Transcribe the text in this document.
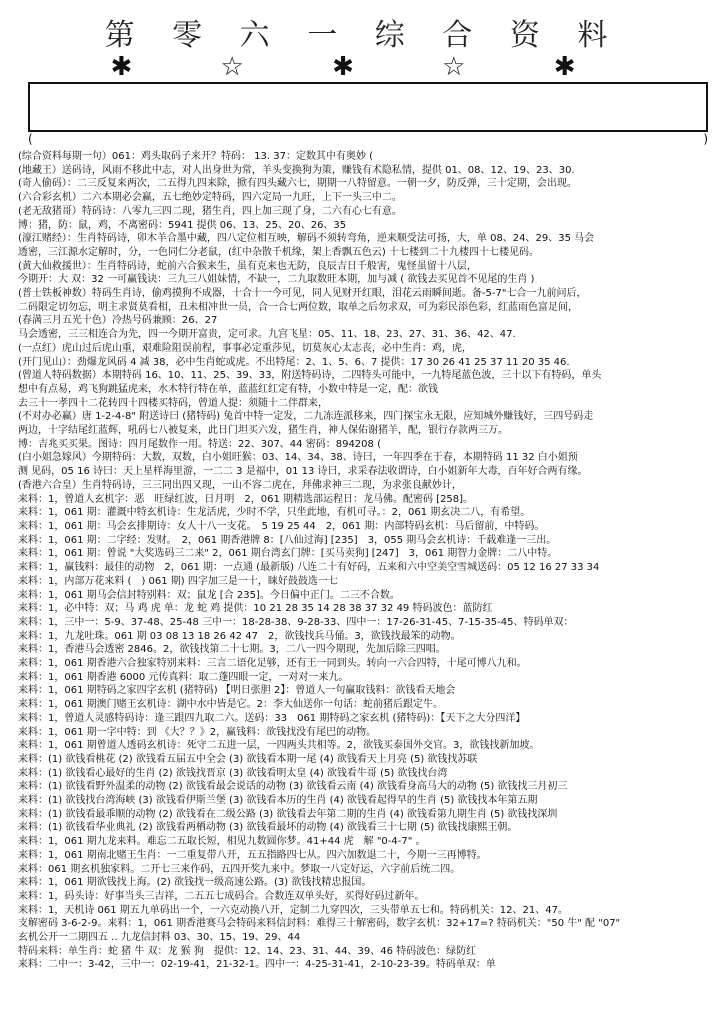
第 零 六 一 综 合 资 料
✱ ☆ ✱ ☆ ✱
(	)
(综合资料每期一句）061：鸡头取码子来开？特码： 13. 37：定数其中有奥妙 (
(地藏王）送码诗，风雨不移此中志，对人出身世为常，羊头变换狗为策，赚钱有术隐私情，提供 01、08、12、19、23、30.
(奇人偷码）：二三反复来两次，二五得九四来除，掀有四头藏六七，期期一八特留意。一朝一夕，防反弹，三十定期，会出现。
(六合彩玄机）二六本期必会赢，五七绝妙定特码，四六定局一九旺，上下一头三中二。
(老无敌猪哥）特码诗：八零九三四二现，猪生肖，四上加三现了身，二六有心七有意。
博：猪，防：鼠，鸡，不离密码：5941 提供 06、13、25、20、26、35
(濠江赌经）：生肖特码诗，卯木羊合墨中藏，四八定位相互映，解码不须转弯角，逆来顺受法可扬，大，单 08、24、29、35 马会
透密，三江源水定解时，分，一色同仁分老鼠，(红中杂散千机缘，架上香飘五色云) 十七楼到二十九楼四十七楼见码。
(黄大仙救援世）：生肖特码诗，蛇前六合猴来生，虽有克来也无防，良辰吉日千般害，鬼怪虽留十八层，
今期开：大 双：32 一可赢钱诀：三九三八姐妹情，不缺一，二九取数旺本期，加与减 ( 欲钱去买见首不见尾的生肖 )
(普士铁板神数）特码生肖诗，偷鸡摸狗不成器，十合十一今可见，同人见财开红眼，泪花云雨瞬间逝。备-5-7"七合一九前问后，
二码限定切勿忘，明主求贤莫看相，丑未相冲世一员，合一合七两位数，取单之后勿求双，可为彩民添色彩，红蓝雨色富足间，
(春满三月五光十色）冷热号码兼顾：26、27
马会透密，三三相连合为先，四一今期开富贵，定可求。九宫飞星：05、11、18、23、27、31、36、42、47.
(一点红）虎山过后虎山重，艰难险阻误前程，事事必定重莎见，切莫灰心太志丧，必中生肖：鸡，虎，
(开门见山）：劲爆龙风码 4 减 38，必中生肖蛇或虎。不出特尾：2、1、5、6、7 提供：17 30 26 41 25 37 11 20 35 46.
(曾道人特码数据）本期特码 16、10、11、25、39、33，附送特码诗，二四特头可能中，一九特尾蓝色波，三十以下有特码，单头
想中有点易，鸡飞狗跳猛虎来，水木特行特在单，蓝蓝红红定有特，小数中特是一定，配：欲钱
去三十一孝四十二花转四十四楼买特码，曾道人提：须随十二伴群来，
(不对办必赢）唐 1-2-4-8" 附送诗曰 (猪特码) 兔首中特一定发，二九冻连派移来，四门探宝永无限，应知城外赚钱好，三四号码走
两边，十字结尾红蓝辉，吼码七八被复来，此日门坦买六发，猪生肖，神人保佑谢猪羊，配，银行存款两三万。
博：吉兆买买果。图诗：四月尾数作一用。特送：22、307、44 密码：894208 (
(白小姐急嫁风）今期特码：大数，双数，白小姐旺猴：03、14、34、38、诗曰，一年四季在于春，本期特码 11 32 白小姐预
测 见码，05 16 诗曰：天上星样海里游，一二二 3 是福中，01 13 诗曰，求采春法收谓诗，白小姐新年大毒，百年好合两有缘。
(香港六合皇）生肖特码诗，三三同出四又现，一山不容二虎在，拜佛求神三二现，为求张良献妙计，
来料：1，曾道人玄机字：恶　旺绿红波，日月明　2，061 期精选部运程日：龙马佛。配密码 [258]。
来料：1，061 期：灌溉中特玄机诗：生龙活虎，少时不学，只坐此地，有机可寻。：2，061 期玄决二八，有希望。
来料：1，061 期：马会玄排期诗：女人十八一支花。　5 19 25 44　2，061 期：内部特码玄机：马后留前，中特码。
来料：1，061 期：二字经：发财。　2，061 期香港牌 8：[八仙过海] [235]　3，055 期马会玄机诗：千载难逢一三出。
来料：1，061 期：曾说 "大奖选码三二来" 2，061 期台湾玄门牌：[买马卖狗] [247]　3，061 期智力金牌：二八中特。
来料：1，赢钱料：最佳的动物　2，061 期：一点通 (最新版) 八连二十有好码，五来和六中空美空雪城送码：05 12 16 27 33 34
来料：1，内部万花来料 (　) 061 期) 四字加三是一十，睐好鼓鼓选一七
来料：1，061 期马会信封特别料：双；鼠龙 [合 235]。今日偏中正门。二三不合数。
来料：1，必中特：双；马 鸡 虎 单：龙 蛇 鸡 提供：10 21 28 35 14 28 38 37 32 49 特码波色：蓝防红
来料：1，三中一：5-9、37-48、25-48 三中一：18-28-38、9-28-33、四中一：17-26-31-45、7-15-35-45、特码单双：
来料：1，九龙吐珠。061 期 03 08 13 18 26 42 47　2，欲钱找兵马俑。3，欲钱找最笨的动物。
来料：1，香港马会透密 2846。2，欲钱找第二十七期。3，二八一四今期现，先加后除三四唱。
来料：1，061 期香港六合独家特别来料：三言二语化足够，还有王一同到头。转向一六合四特，十尾可博八九和。
来料：1，061 期香港 6000 元传真料：取二蓬四眼一定，一对对一来九。
来料：1，061 期特码之家四字玄机 (猪特码) 【明日张胆 2】：曾道人一句赢取钱料：欲钱看天地会
来料：1，061 期澳门赌王玄机诗：湖中水中皆是它。2：李大仙送你一句话：蛇前猪后跟定牛。
来料：1，曾道人灵感特码诗：逢三跟四九取二六。送码：33　061 期特码之家玄机 (猪特码)：【天下之大分四洋】
来料：1，061 期一字中特：到 《大？？》2，赢钱料：欲钱找没有尾巴的动物。
来料：1，061 期曾道人透码玄机诗：死守二五进一层，一四两头共相等。2，欲钱买泰国外交官。3，欲钱找新加坡。
来料：(1) 欲钱看桃花 (2) 欲钱看五届五中全会 (3) 欲钱看本期一尾 (4) 欲钱看天上月亮 (5) 欲钱找苏联
来料：(1) 欲钱看心最好的生肖 (2) 欲钱找晋京 (3) 欲钱看明太皇 (4) 欲钱看牛哥 (5) 欲钱找台湾
来料：(1) 欲钱看野外温柔的动物 (2) 欲钱看最会说话的动物 (3) 欲钱看云南 (4) 欲钱看身高马大的动物 (5) 欲钱找三月初三
来料：(1) 欲钱找台湾海峡 (3) 欲钱看伊斯兰堡 (3) 欲钱看本历的生肖 (4) 欲钱看起得早的生肖 (5) 欲钱找本年第五期
来料：(1) 欲钱看最乖顺的动物 (2) 欲钱看在二级公路 (3) 欲钱看去年第二期的生肖 (4) 欲钱看第九期生肖 (5) 欲钱找深圳
来料：(1) 欲钱看华业典礼 (2) 欲钱看两栖动物 (3) 欲钱看最坏的动物 (4) 欲钱看三十七期 (5) 欲钱找康熙王朝。
来料：1，061 期九龙来料。难忘二五取长短，相见九数圆你梦。41+44 虎　解 "0-4-7" 。
来料：1，061 期南北赌王生肖：一二重复带八开，五五指路四七从。四六加数退二十，今期一三再博特。
来料：061 期玄机独家料。二开七三来作码，五四开奖九来中。梦取一八定好运，六字前后统二四。
来料：1，061 期欲钱找上海。(2) 欲钱找一级高速公路。(3) 欲钱找精忠报国。
来料：1，码头诗：好事当头三吉祥，二五五七成码合。合数连双单头好，买得好码过新年。
来料：1，天机诗 061 期五九单码出一个，一六克动换八开，定制二九穿四次，三头带单五七和。特码机关：12、21、47。
支解密码 3-6-2-9。来料：1，061 期香港赛马会特码来料信封料：难得三十解密码，数字玄机：32+17=? 特码机关："50 牛" 配 "07"
玄机公开一二期四五 .. 九龙信封料 03、30、15、19、29、44
特码来料：单生肖：蛇 猪 牛 双：龙 猴 狗　提供：12、14、23、31、44、39、46 特码波色：绿防红
来料：二中一：3-42，三中一：02-19-41，21-32-1。四中一：4-25-31-41，2-10-23-39。特码单双：单
